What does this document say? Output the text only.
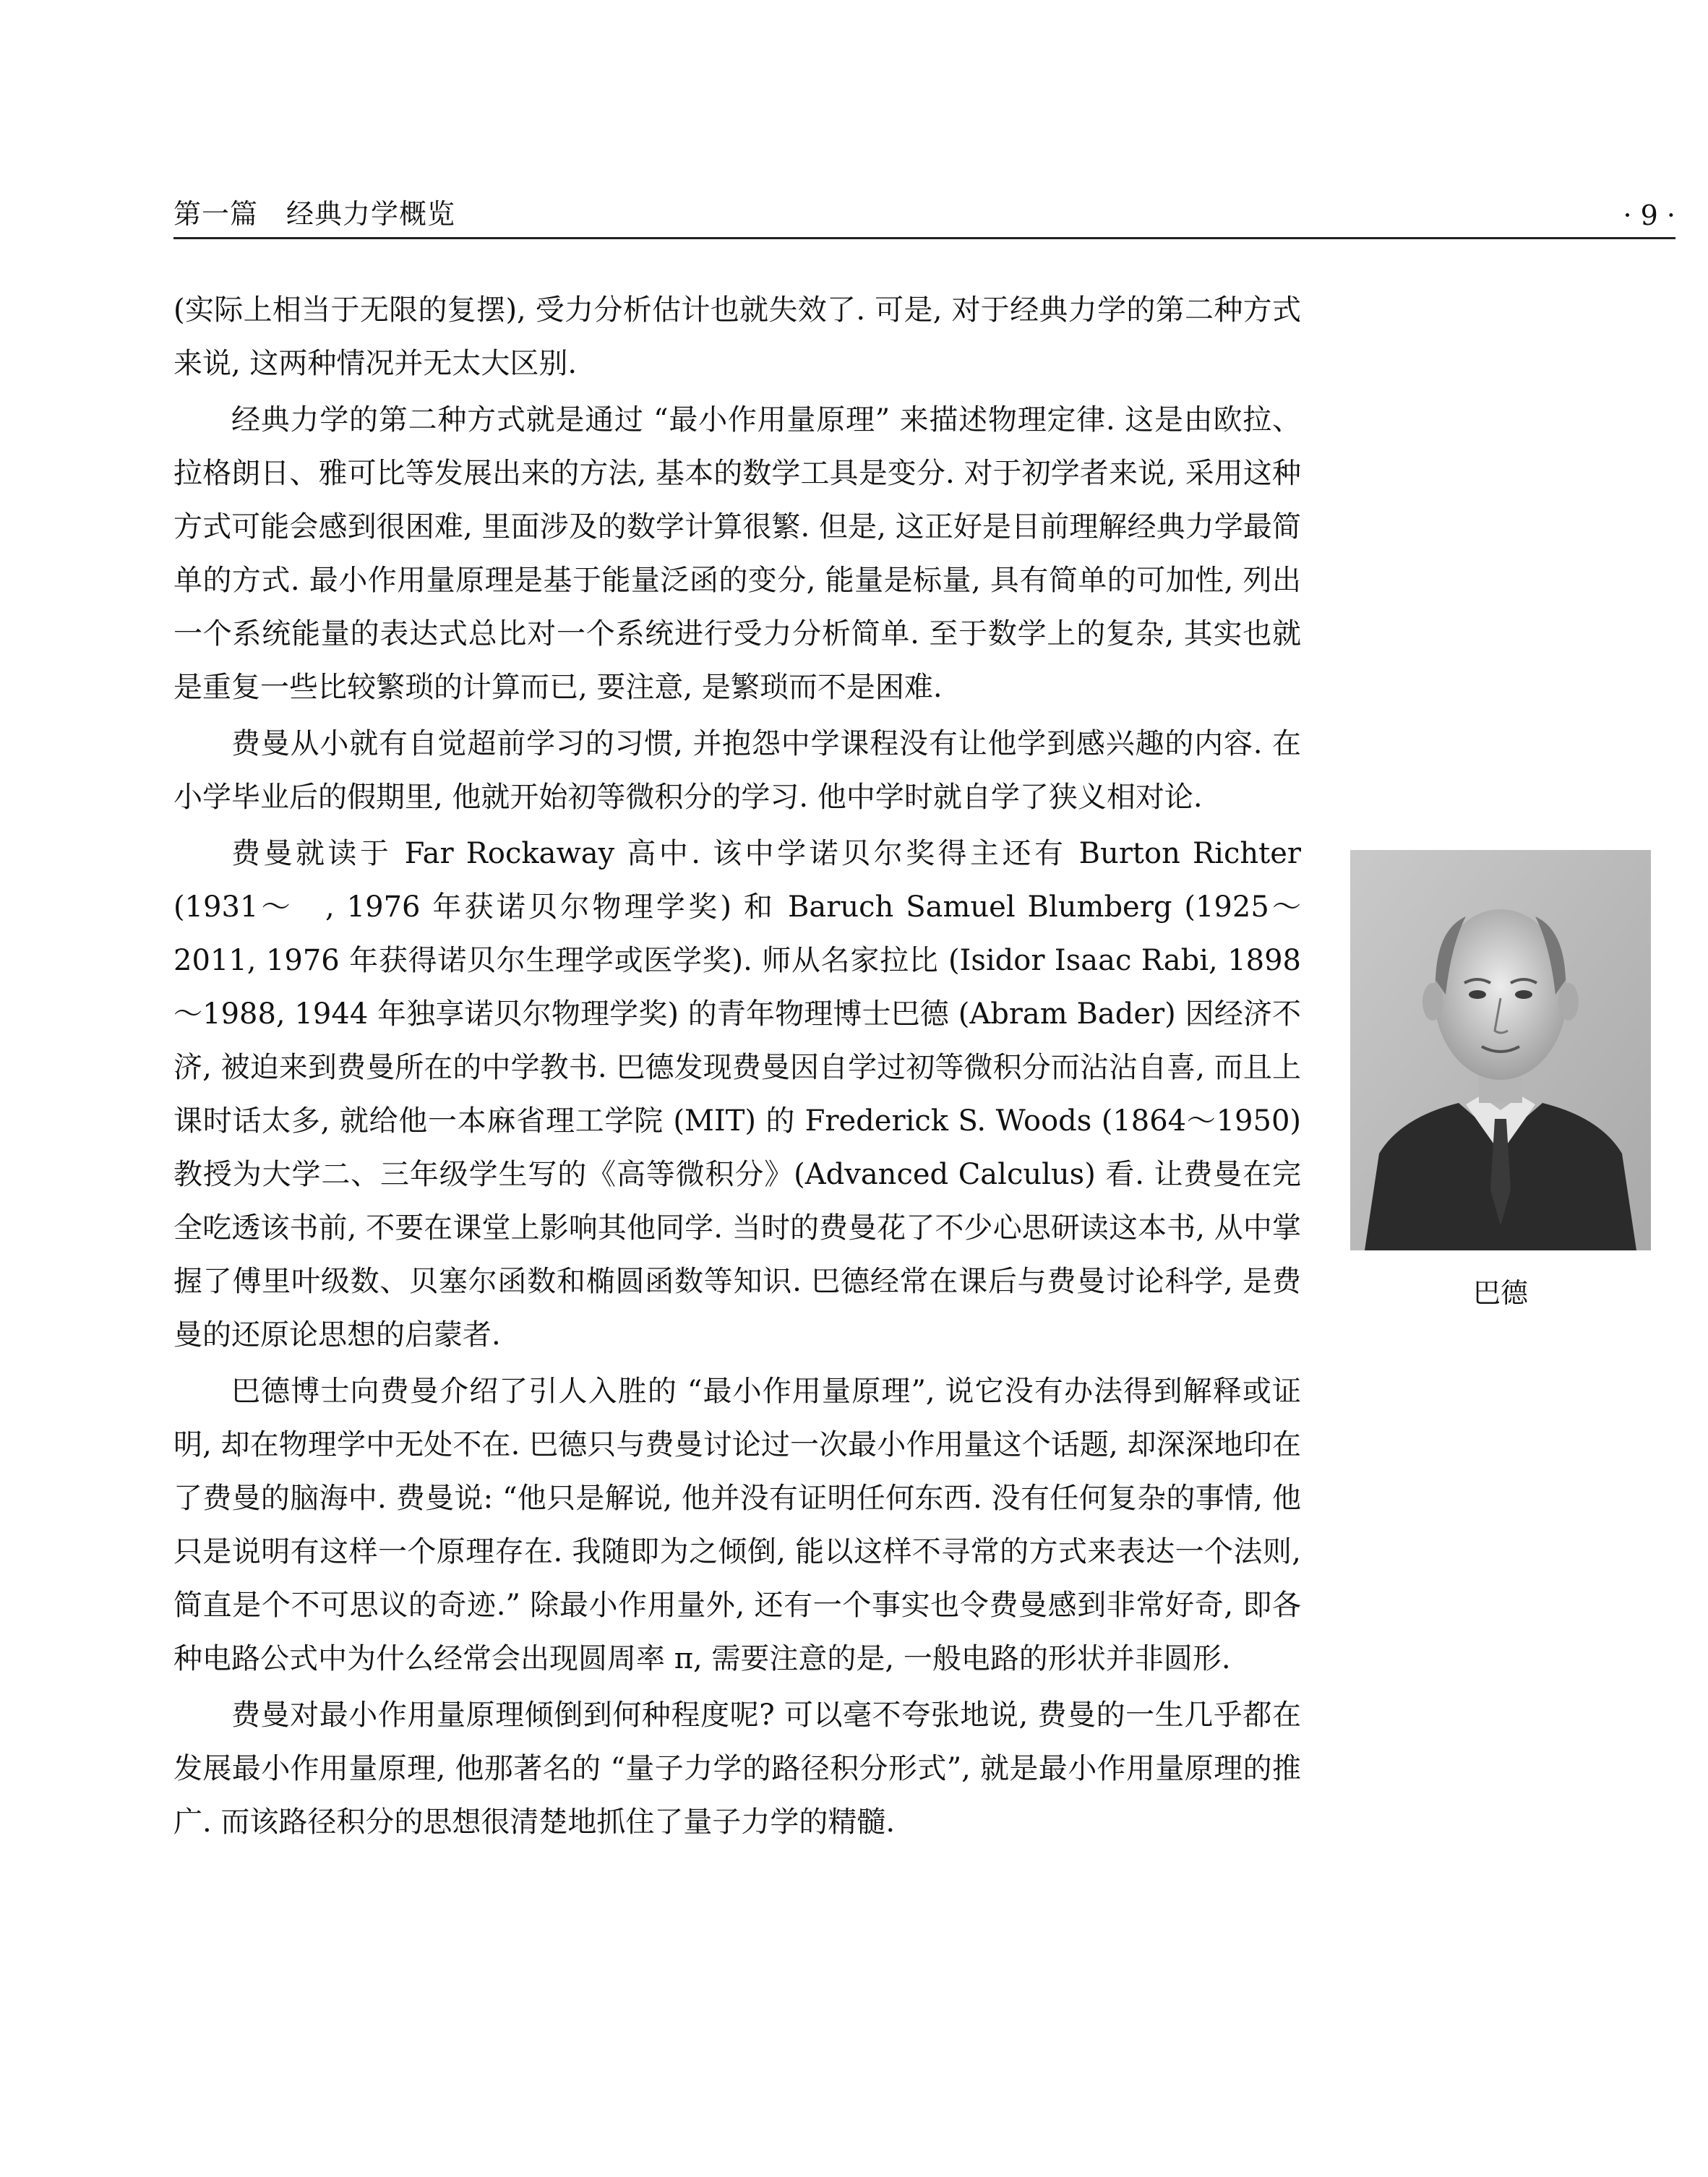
第一篇　经典力学概览	· 9 ·

(实际上相当于无限的复摆), 受力分析估计也就失效了. 可是, 对于经典力学的第二种方式来说, 这两种情况并无太大区别.

经典力学的第二种方式就是通过 “最小作用量原理” 来描述物理定律. 这是由欧拉、拉格朗日、雅可比等发展出来的方法, 基本的数学工具是变分. 对于初学者来说, 采用这种方式可能会感到很困难, 里面涉及的数学计算很繁. 但是, 这正好是目前理解经典力学最简单的方式. 最小作用量原理是基于能量泛函的变分, 能量是标量, 具有简单的可加性, 列出一个系统能量的表达式总比对一个系统进行受力分析简单. 至于数学上的复杂, 其实也就是重复一些比较繁琐的计算而已, 要注意, 是繁琐而不是困难.

费曼从小就有自觉超前学习的习惯, 并抱怨中学课程没有让他学到感兴趣的内容. 在小学毕业后的假期里, 他就开始初等微积分的学习. 他中学时就自学了狭义相对论.

费曼就读于 Far Rockaway 高中. 该中学诺贝尔奖得主还有 Burton Richter (1931～　, 1976 年获诺贝尔物理学奖) 和 Baruch Samuel Blumberg (1925～2011, 1976 年获得诺贝尔生理学或医学奖). 师从名家拉比 (Isidor Isaac Rabi, 1898～1988, 1944 年独享诺贝尔物理学奖) 的青年物理博士巴德 (Abram Bader) 因经济不济, 被迫来到费曼所在的中学教书. 巴德发现费曼因自学过初等微积分而沾沾自喜, 而且上课时话太多, 就给他一本麻省理工学院 (MIT) 的 Frederick S. Woods (1864～1950) 教授为大学二、三年级学生写的《高等微积分》(Advanced Calculus) 看. 让费曼在完全吃透该书前, 不要在课堂上影响其他同学. 当时的费曼花了不少心思研读这本书, 从中掌握了傅里叶级数、贝塞尔函数和椭圆函数等知识. 巴德经常在课后与费曼讨论科学, 是费曼的还原论思想的启蒙者.

巴德博士向费曼介绍了引人入胜的 “最小作用量原理”, 说它没有办法得到解释或证明, 却在物理学中无处不在. 巴德只与费曼讨论过一次最小作用量这个话题, 却深深地印在了费曼的脑海中. 费曼说: “他只是解说, 他并没有证明任何东西. 没有任何复杂的事情, 他只是说明有这样一个原理存在. 我随即为之倾倒, 能以这样不寻常的方式来表达一个法则, 简直是个不可思议的奇迹.” 除最小作用量外, 还有一个事实也令费曼感到非常好奇, 即各种电路公式中为什么经常会出现圆周率 π, 需要注意的是, 一般电路的形状并非圆形.

费曼对最小作用量原理倾倒到何种程度呢? 可以毫不夸张地说, 费曼的一生几乎都在发展最小作用量原理, 他那著名的 “量子力学的路径积分形式”, 就是最小作用量原理的推广. 而该路径积分的思想很清楚地抓住了量子力学的精髓.

巴德
